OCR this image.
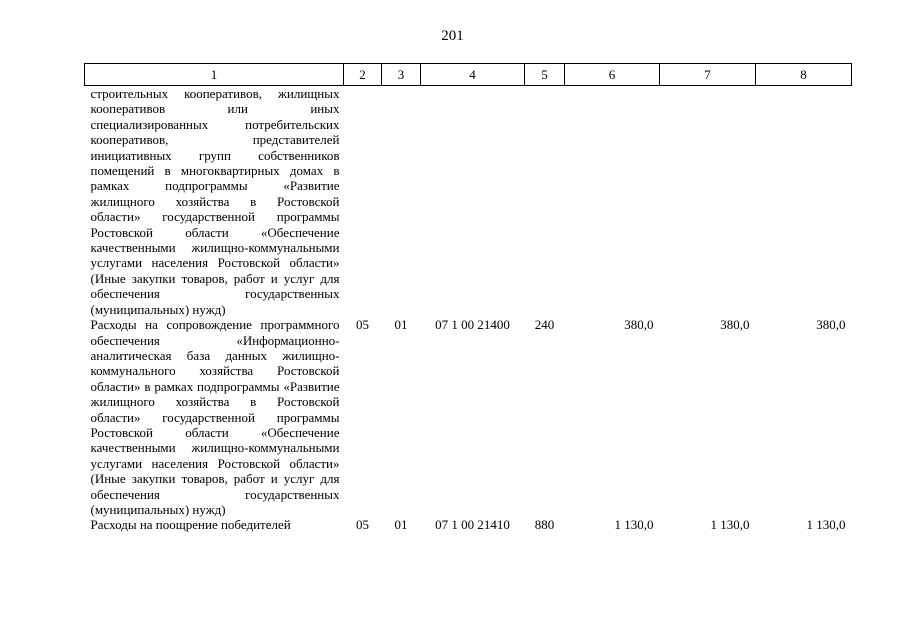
201
1	2	3	4	5	6	7	8
строительных кооперативов, жилищных кооперативов или иных специализированных потребительских кооперативов, представителей инициативных групп собственников помещений в многоквартирных домах в рамках подпрограммы «Развитие жилищного хозяйства в Ростовской области» государственной программы Ростовской области «Обеспечение качественными жилищно-коммунальными услугами населения Ростовской области» (Иные закупки товаров, работ и услуг для обеспечения государственных (муниципальных) нужд)							
Расходы на сопровождение программного обеспечения «Информационно-аналитическая база данных жилищно-коммунального хозяйства Ростовской области» в рамках подпрограммы «Развитие жилищного хозяйства в Ростовской области» государственной программы Ростовской области «Обеспечение качественными жилищно-коммунальными услугами населения Ростовской области» (Иные закупки товаров, работ и услуг для обеспечения государственных (муниципальных) нужд)	05	01	07 1 00 21400	240	380,0	380,0	380,0
Расходы на поощрение победителей	05	01	07 1 00 21410	880	1 130,0	1 130,0	1 130,0
